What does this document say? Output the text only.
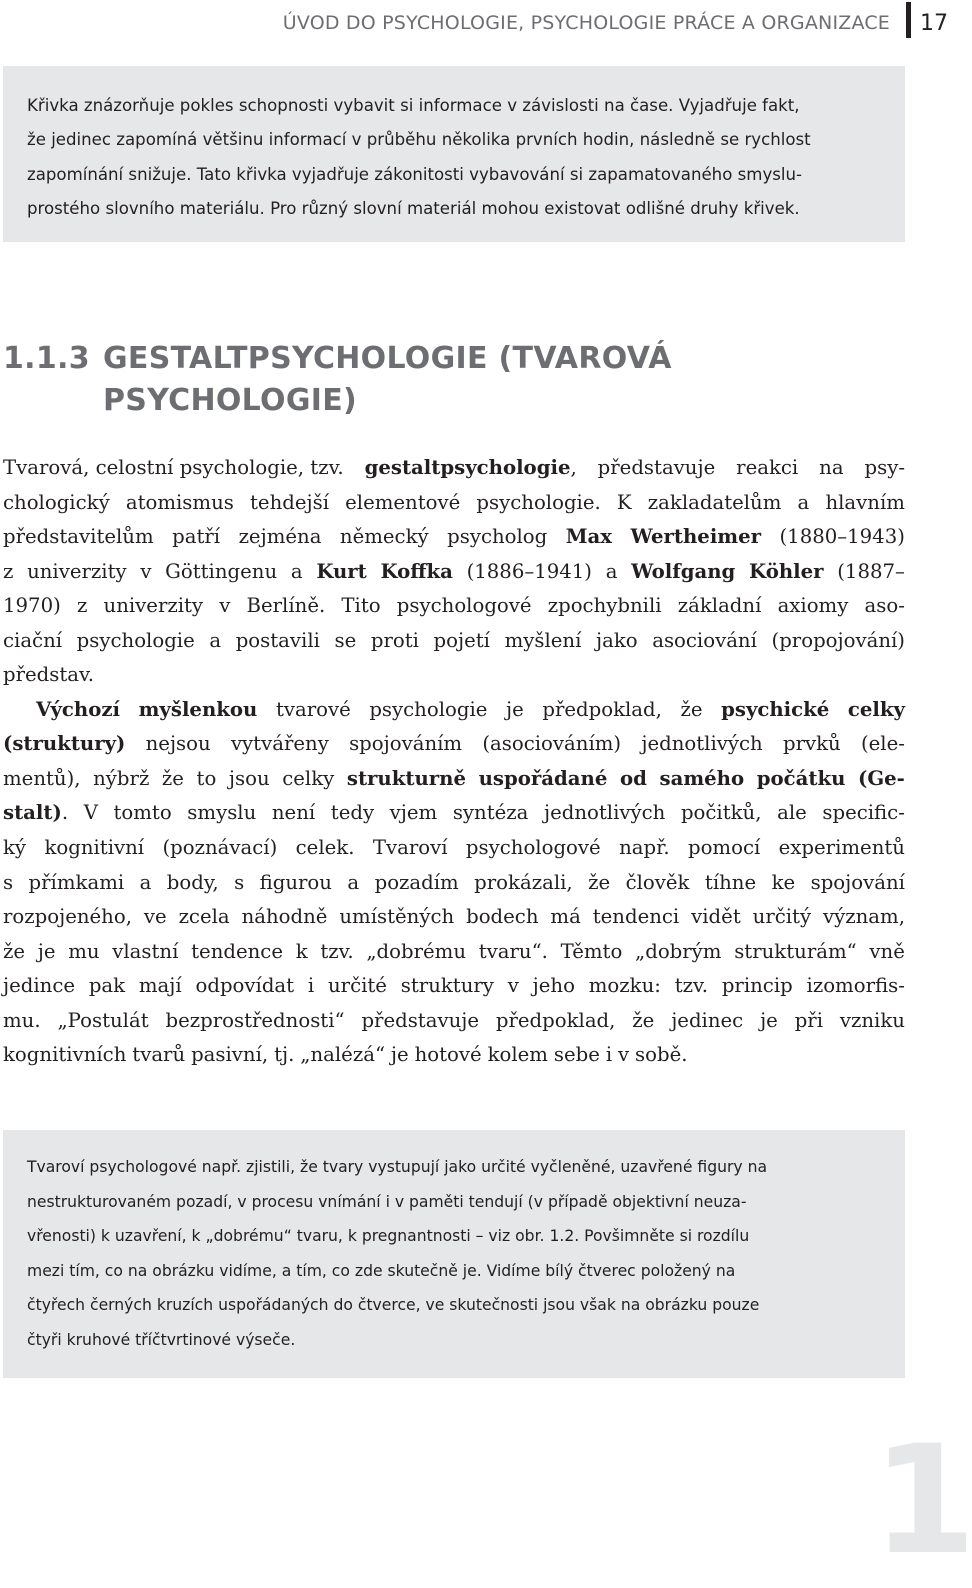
ÚVOD DO PSYCHOLOGIE, PSYCHOLOGIE PRÁCE A ORGANIZACE 17
Křivka znázorňuje pokles schopnosti vybavit si informace v závislosti na čase. Vyjadřuje fakt,
že jedinec zapomíná většinu informací v průběhu několika prvních hodin, následně se rychlost
zapomínání snižuje. Tato křivka vyjadřuje zákonitosti vybavování si zapamatovaného smyslu-
prostého slovního materiálu. Pro různý slovní materiál mohou existovat odlišné druhy křivek.
1.1.3 GESTALTPSYCHOLOGIE (TVAROVÁ
PSYCHOLOGIE)
Tvarová, celostní psychologie, tzv. gestaltpsychologie, představuje reakci na psy-
chologický atomismus tehdejší elementové psychologie. K zakladatelům a hlavním
představitelům patří zejména německý psycholog Max Wertheimer (1880–1943)
z univerzity v Göttingenu a Kurt Koffka (1886–1941) a Wolfgang Köhler (1887–
1970) z univerzity v Berlíně. Tito psychologové zpochybnili základní axiomy aso-
ciační psychologie a postavili se proti pojetí myšlení jako asociování (propojování)
představ.
Výchozí myšlenkou tvarové psychologie je předpoklad, že psychické celky
(struktury) nejsou vytvářeny spojováním (asociováním) jednotlivých prvků (ele-
mentů), nýbrž že to jsou celky strukturně uspořádané od samého počátku (Ge-
stalt). V tomto smyslu není tedy vjem syntéza jednotlivých počitků, ale specific-
ký kognitivní (poznávací) celek. Tvaroví psychologové např. pomocí experimentů
s přímkami a body, s figurou a pozadím prokázali, že člověk tíhne ke spojování
rozpojeného, ve zcela náhodně umístěných bodech má tendenci vidět určitý význam,
že je mu vlastní tendence k tzv. „dobrému tvaru“. Těmto „dobrým strukturám“ vně
jedince pak mají odpovídat i určité struktury v jeho mozku: tzv. princip izomorfis-
mu. „Postulát bezprostřednosti“ představuje předpoklad, že jedinec je při vzniku
kognitivních tvarů pasivní, tj. „nalézá“ je hotové kolem sebe i v sobě.
Tvaroví psychologové např. zjistili, že tvary vystupují jako určité vyčleněné, uzavřené figury na
nestrukturovaném pozadí, v procesu vnímání i v paměti tendují (v případě objektivní neuza-
vřenosti) k uzavření, k „dobrému“ tvaru, k pregnantnosti – viz obr. 1.2. Povšimněte si rozdílu
mezi tím, co na obrázku vidíme, a tím, co zde skutečně je. Vidíme bílý čtverec položený na
čtyřech černých kruzích uspořádaných do čtverce, ve skutečnosti jsou však na obrázku pouze
čtyři kruhové tříčtvrtinové výseče.
1
